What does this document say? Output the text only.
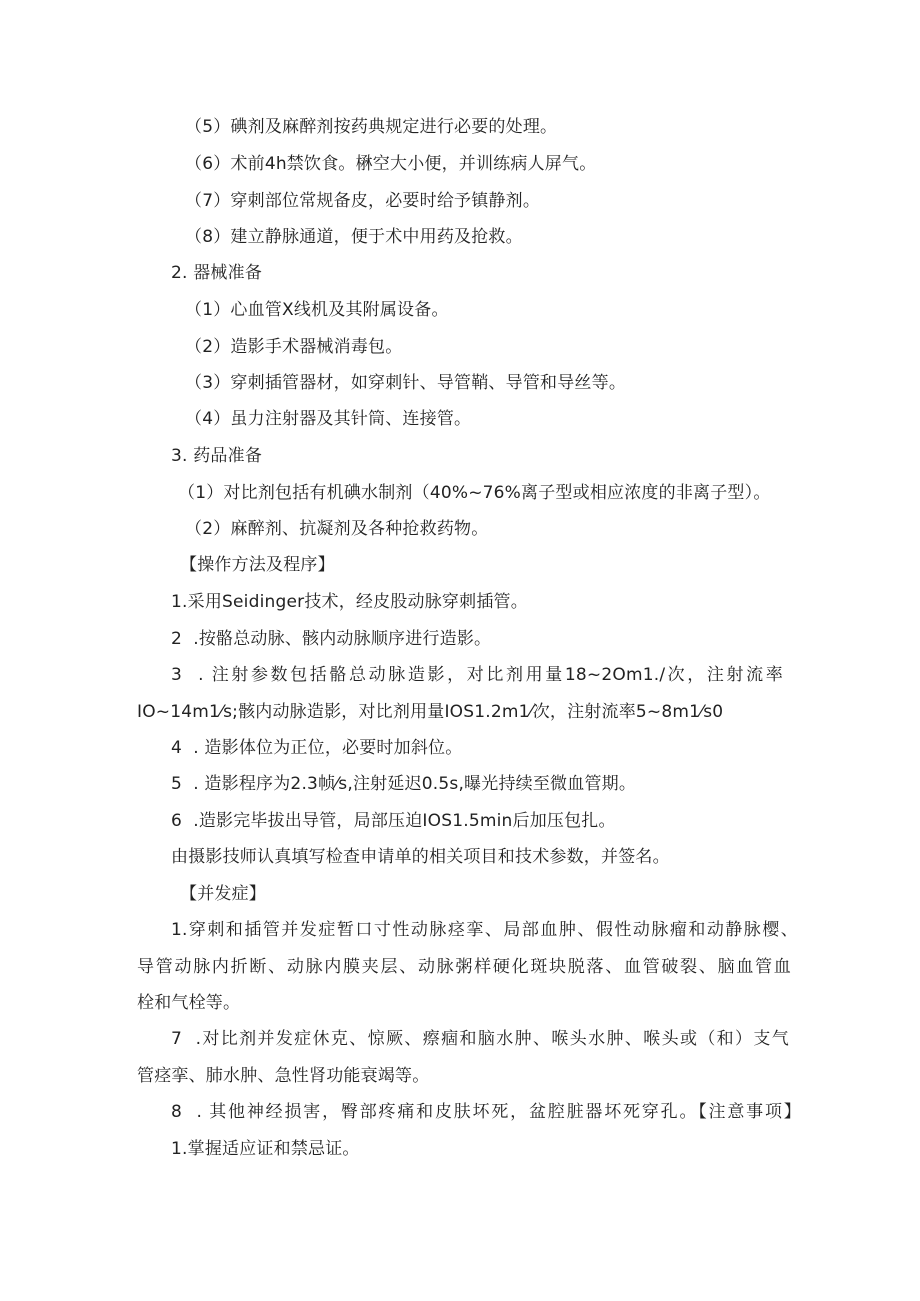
（5）碘剂及麻醉剂按药典规定进行必要的处理。
（6）术前4h禁饮食。楙空大小便，并训练病人屏气。
（7）穿刺部位常规备皮，必要时给予镇静剂。
（8）建立静脉通道，便于术中用药及抢救。
2. 器械准备
（1）心血管X线机及其附属设备。
（2）造影手术器械消毒包。
（3）穿刺插管器材，如穿刺针、导管鞘、导管和导丝等。
（4）虽力注射器及其针筒、连接管。
3. 药品准备
（1）对比剂包括有机碘水制剂（40%~76%离子型或相应浓度的非离子型）。
（2）麻醉剂、抗凝剂及各种抢救药物。
【操作方法及程序】
1.采用Seidinger技术，经皮股动脉穿刺插管。
2  .按骼总动脉、骸内动脉顺序进行造影。
3  . 注射参数包括骼总动脉造影，对比剂用量18~2Om1./次，注射流率
IO~14m1⁄s;骸内动脉造影，对比剂用量IOS1.2m1⁄次，注射流率5~8m1⁄s0
4  . 造影体位为正位，必要时加斜位。
5  . 造影程序为2.3帧⁄s,注射延迟0.5s,曝光持续至微血管期。
6  .造影完毕拔出导管，局部压迫IOS1.5min后加压包扎。
由摄影技师认真填写检查申请单的相关项目和技术参数，并签名。
【并发症】
1.穿刺和插管并发症暂口寸性动脉痉挛、局部血肿、假性动脉瘤和动静脉樱、
导管动脉内折断、动脉内膜夹层、动脉粥样硬化斑块脱落、血管破裂、脑血管血
栓和气栓等。
7  .对比剂并发症休克、惊厥、瘵痼和脑水肿、喉头水肿、喉头或（和）支气
管痉挛、肺水肿、急性肾功能衰竭等。
8  . 其他神经损害，臀部疼痛和皮肤坏死，盆腔脏器坏死穿孔。【注意事项】
1.掌握适应证和禁忌证。
